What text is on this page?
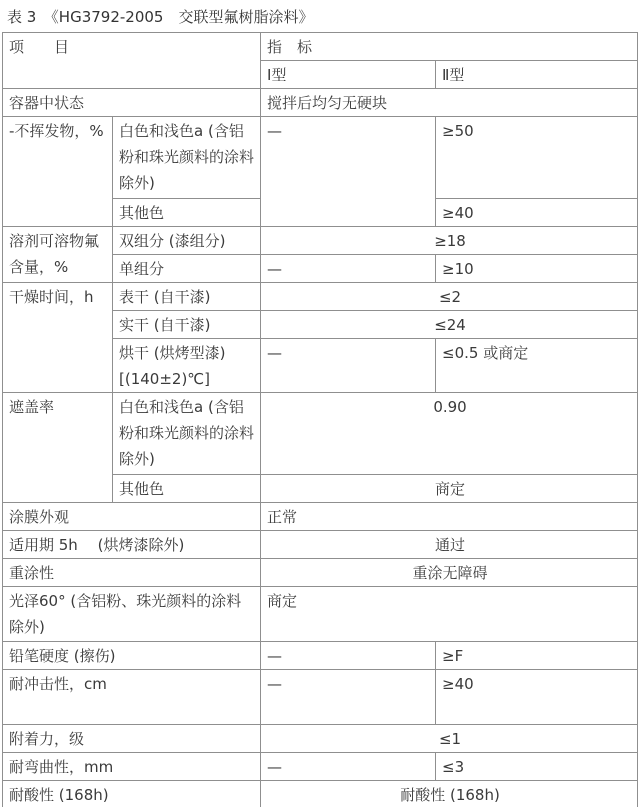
表 3　《HG3792-2005　交联型氟树脂涂料》
项　　目		指　标	
		Ⅰ型	Ⅱ型
容器中状态		搅拌后均匀无硬块	
-不挥发物，%	白色和浅色a (含铝粉和珠光颜料的涂料除外)	—	≥50
	其他色		≥40
溶剂可溶物氟含量，%	双组分 (漆组分)	≥18	
	单组分	—	≥10
干燥时间，h	表干 (自干漆)	≤2	
	实干 (自干漆)	≤24	
	烘干 (烘烤型漆) [(140±2)℃]	—	≤0.5 或商定
遮盖率	白色和浅色a (含铝粉和珠光颜料的涂料除外)	0.90	
	其他色	商定	
涂膜外观		正常	
适用期 5h　 (烘烤漆除外)		通过	
重涂性		重涂无障碍	
光泽60° (含铝粉、珠光颜料的涂料除外)		商定	
铅笔硬度 (擦伤)		—	≥F
耐冲击性，cm		—	≥40
附着力，级		≤1	
耐弯曲性，mm		—	≤3
耐酸性 (168h)		耐酸性 (168h)	
